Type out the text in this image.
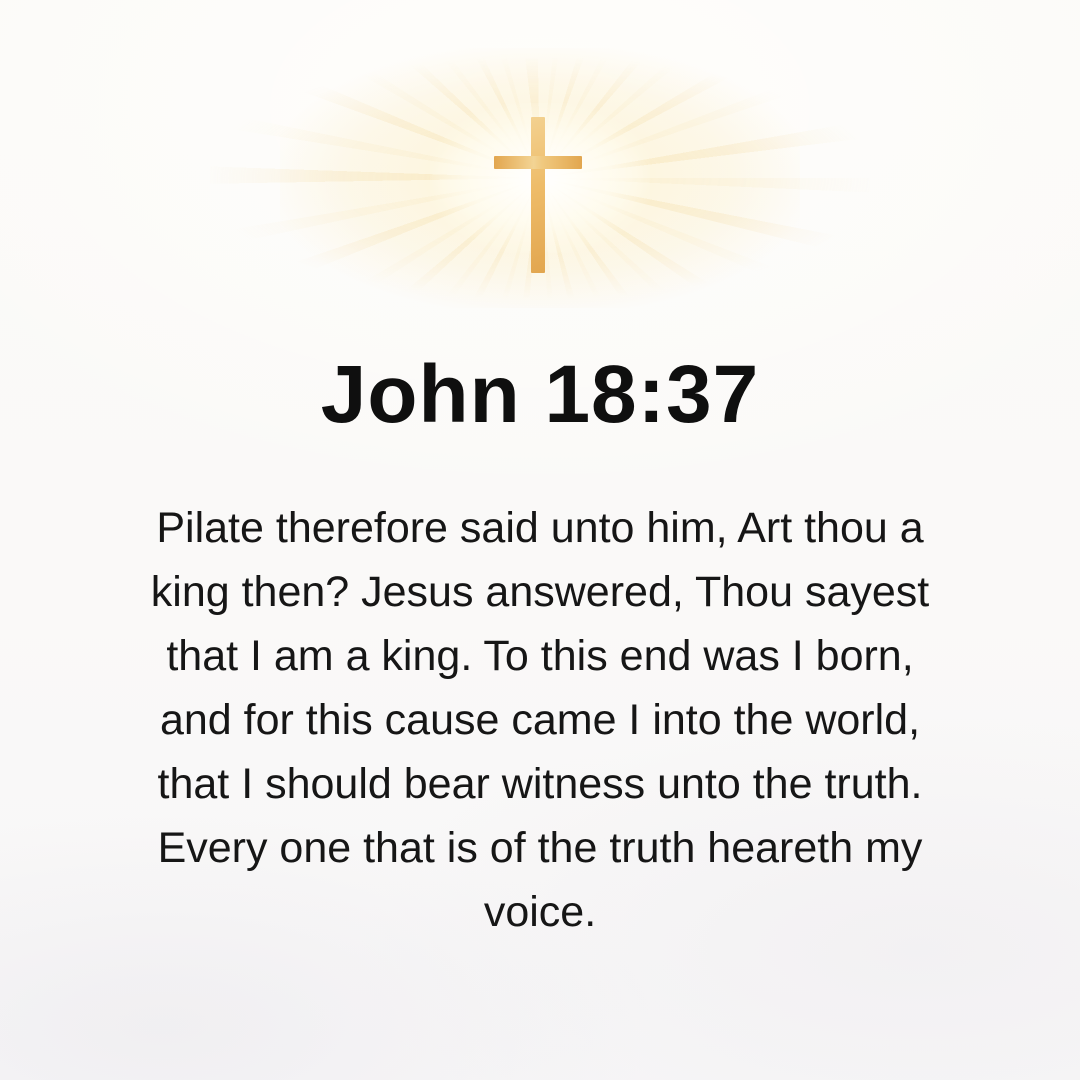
John 18:37
Pilate therefore said unto him, Art thou a
king then? Jesus answered, Thou sayest
that I am a king. To this end was I born,
and for this cause came I into the world,
that I should bear witness unto the truth.
Every one that is of the truth heareth my
voice.
